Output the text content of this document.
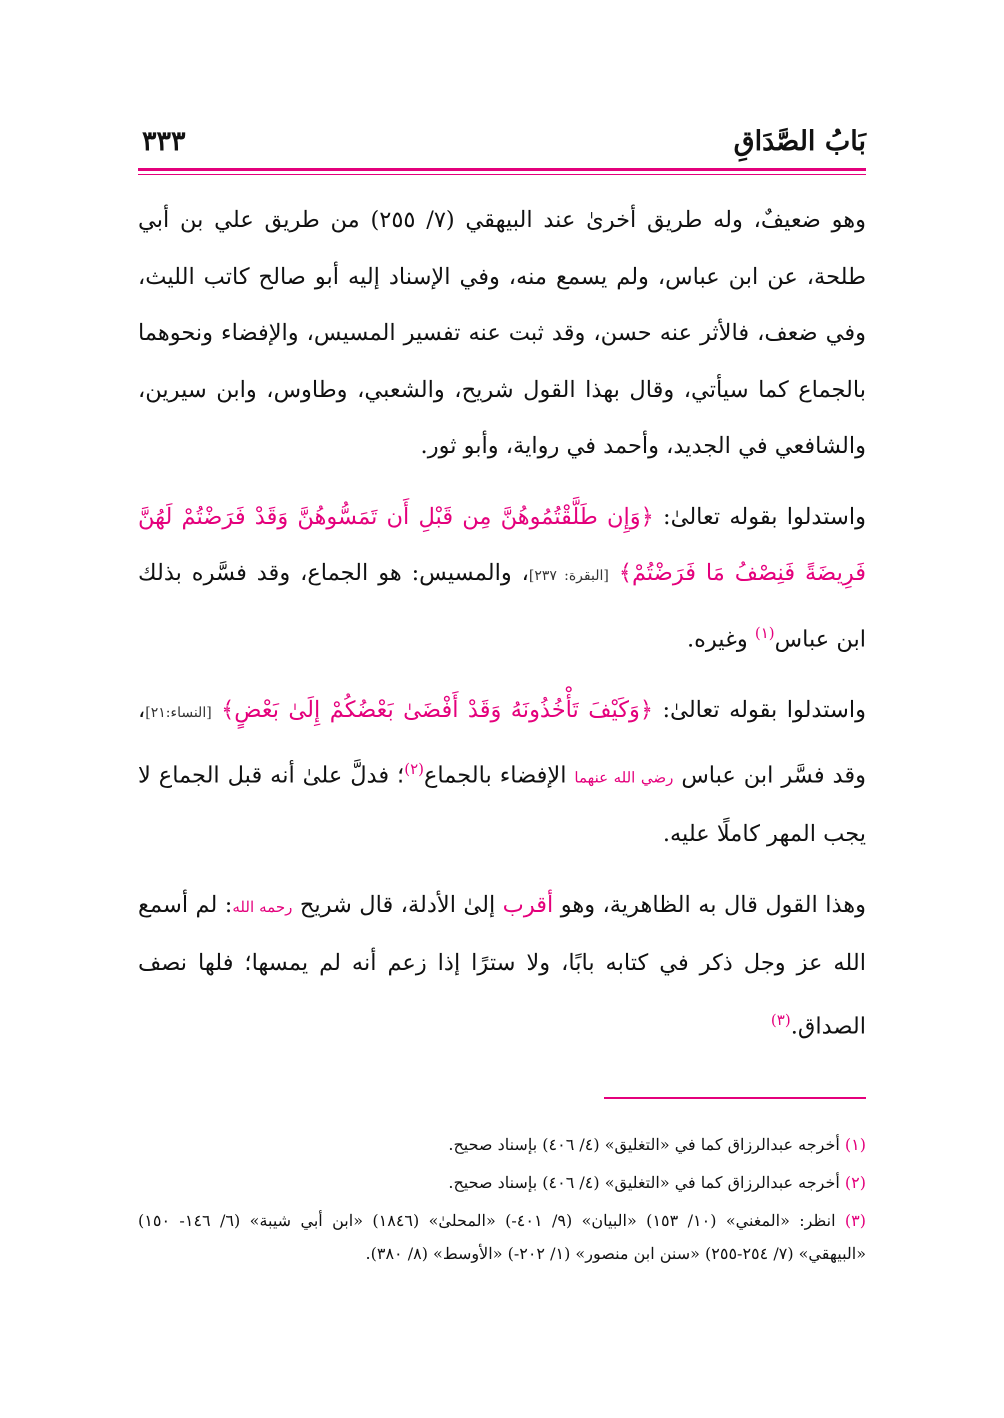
بَابُ الصَّدَاقِ
٣٣٣

وهو ضعيفٌ، وله طريق أخرىٰ عند البيهقي (٧/ ٢٥٥) من طريق علي بن أبي طلحة، عن ابن عباس، ولم يسمع منه، وفي الإسناد إليه أبو صالح كاتب الليث، وفي ضعف، فالأثر عنه حسن، وقد ثبت عنه تفسير المسيس، والإفضاء ونحوهما بالجماع كما سيأتي، وقال بهذا القول شريح، والشعبي، وطاوس، وابن سيرين، والشافعي في الجديد، وأحمد في رواية، وأبو ثور.

واستدلوا بقوله تعالىٰ: ﴿وَإِن طَلَّقْتُمُوهُنَّ مِن قَبْلِ أَن تَمَسُّوهُنَّ وَقَدْ فَرَضْتُمْ لَهُنَّ فَرِيضَةً فَنِصْفُ مَا فَرَضْتُمْ﴾ [البقرة: ٢٣٧]، والمسيس: هو الجماع، وقد فسَّره بذلك ابن عباس$^{(١)}$ وغيره.

واستدلوا بقوله تعالىٰ: ﴿وَكَيْفَ تَأْخُذُونَهُ وَقَدْ أَفْضَىٰ بَعْضُكُمْ إِلَىٰ بَعْضٍ﴾ [النساء:٢١]، وقد فسَّر ابن عباس رضي الله عنهما الإفضاء بالجماع$^{(٢)}$؛ فدلَّ علىٰ أنه قبل الجماع لا يجب المهر كاملًا عليه.

وهذا القول قال به الظاهرية، وهو أقرب إلىٰ الأدلة، قال شريح رحمه الله: لم أسمع الله عز وجل ذكر في كتابه بابًا، ولا سترًا إذا زعم أنه لم يمسها؛ فلها نصف الصداق.$^{(٣)}$

(١) أخرجه عبدالرزاق كما في «التغليق» (٤/ ٤٠٦) بإسناد صحيح.

(٢) أخرجه عبدالرزاق كما في «التغليق» (٤/ ٤٠٦) بإسناد صحيح.

(٣) انظر: «المغني» (١٠/ ١٥٣) «البيان» (٩/ ٤٠١-) «المحلىٰ» (١٨٤٦) «ابن أبي شيبة» (٦/ ١٤٦- ١٥٠) «البيهقي» (٧/ ٢٥٤-٢٥٥) «سنن ابن منصور» (١/ ٢٠٢-) «الأوسط» (٨/ ٣٨٠).
